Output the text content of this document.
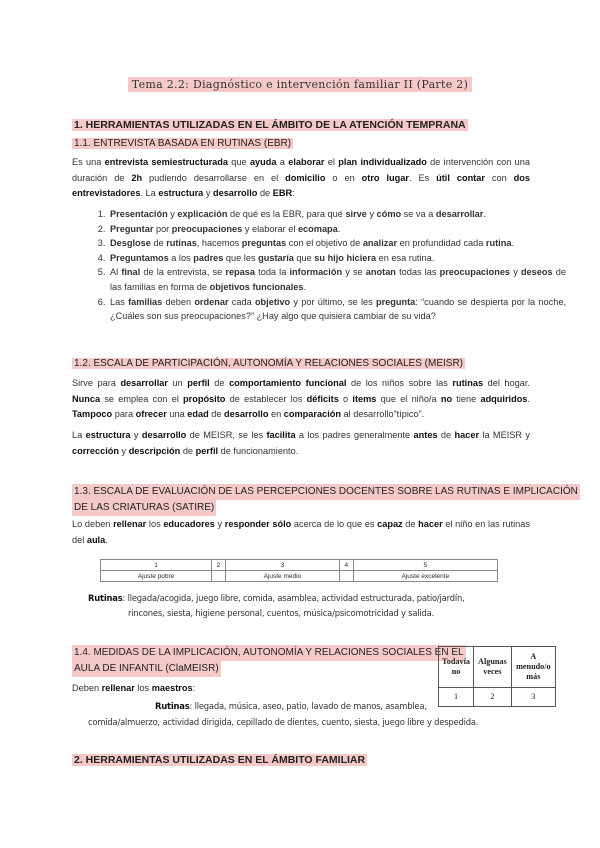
Tema 2.2: Diagnóstico e intervención familiar II (Parte 2)
1. HERRAMIENTAS UTILIZADAS EN EL ÁMBITO DE LA ATENCIÓN TEMPRANA
1.1. ENTREVISTA BASADA EN RUTINAS (EBR)
Es una entrevista semiestructurada que ayuda a elaborar el plan individualizado de intervención con una duración de 2h pudiendo desarrollarse en el domicilio o en otro lugar. Es útil contar con dos entrevistadores. La estructura y desarrollo de EBR:
1. Presentación y explicación de qué es la EBR, para qué sirve y cómo se va a desarrollar.
2. Preguntar por preocupaciones y elaborar el ecomapa.
3. Desglose de rutinas, hacemos preguntas con el objetivo de analizar en profundidad cada rutina.
4. Preguntamos a los padres que les gustaría que su hijo hiciera en esa rutina.
5. Al final de la entrevista, se repasa toda la información y se anotan todas las preocupaciones y deseos de las familias en forma de objetivos funcionales.
6. Las familias deben ordenar cada objetivo y por último, se les pregunta: “cuando se despierta por la noche, ¿Cuáles son sus preocupaciones?” ¿Hay algo que quisiera cambiar de su vida?
1.2. ESCALA DE PARTICIPACIÓN, AUTONOMÍA Y RELACIONES SOCIALES (MEISR)
Sirve para desarrollar un perfil de comportamiento funcional de los niños sobre las rutinas del hogar. Nunca se emplea con el propósito de establecer los déficits o ítems que el niño/a no tiene adquiridos. Tampoco para ofrecer una edad de desarrollo en comparación al desarrollo”típico”.
La estructura y desarrollo de MEISR, se les facilita a los padres generalmente antes de hacer la MEISR y corrección y descripción de perfil de funcionamiento.
1.3. ESCALA DE EVALUACIÓN DE LAS PERCEPCIONES DOCENTES SOBRE LAS RUTINAS E IMPLICACIÓN
DE LAS CRIATURAS (SATIRE)
Lo deben rellenar los educadores y responder sólo acerca de lo que es capaz de hacer el niño en las rutinas del aula.
1	2	3	4	5
Ajuste pobre		Ajuste medio		Ajuste excelente
Rutinas: llegada/acogida, juego libre, comida, asamblea, actividad estructurada, patio/jardín,
rincones, siesta, higiene personal, cuentos, música/psicomotricidad y salida.
1.4. MEDIDAS DE LA IMPLICACIÓN, AUTONOMÍA Y RELACIONES SOCIALES EN EL
AULA DE INFANTIL (ClaMEISR)
Deben rellenar los maestros:
Todavía no	Algunas veces	A menudo/o más
1	2	3
Rutinas: llegada, música, aseo, patio, lavado de manos, asamblea,
comida/almuerzo, actividad dirigida, cepillado de dientes, cuento, siesta, juego libre y despedida.
2. HERRAMIENTAS UTILIZADAS EN EL ÁMBITO FAMILIAR
